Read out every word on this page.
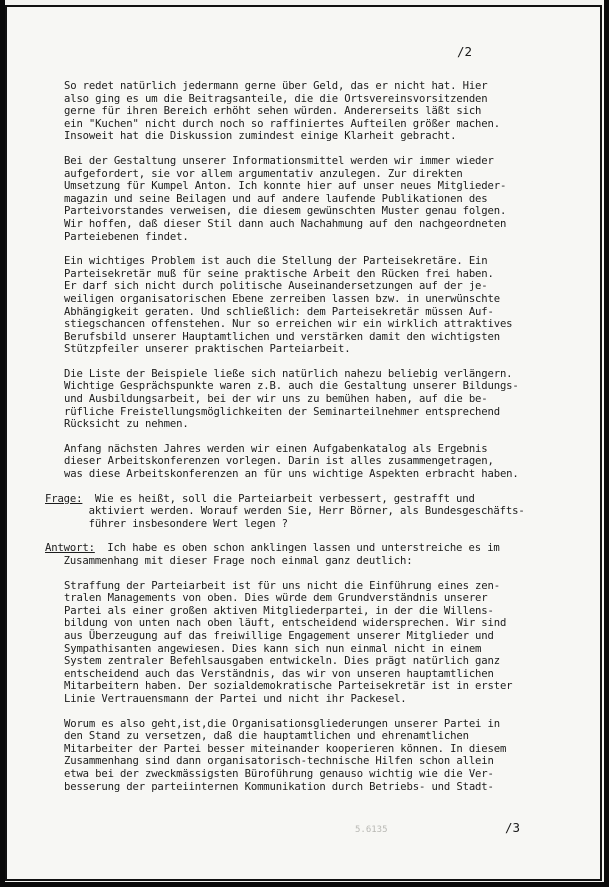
/2

So redet natürlich jedermann gerne über Geld, das er nicht hat. Hier
also ging es um die Beitragsanteile, die die Ortsvereinsvorsitzenden
gerne für ihren Bereich erhöht sehen würden. Andererseits läßt sich
ein "Kuchen" nicht durch noch so raffiniertes Aufteilen größer machen.
Insoweit hat die Diskussion zumindest einige Klarheit gebracht.

Bei der Gestaltung unserer Informationsmittel werden wir immer wieder
aufgefordert, sie vor allem argumentativ anzulegen. Zur direkten
Umsetzung für Kumpel Anton. Ich konnte hier auf unser neues Mitglieder-
magazin und seine Beilagen und auf andere laufende Publikationen des
Parteivorstandes verweisen, die diesem gewünschten Muster genau folgen.
Wir hoffen, daß dieser Stil dann auch Nachahmung auf den nachgeordneten
Parteiebenen findet.

Ein wichtiges Problem ist auch die Stellung der Parteisekretäre. Ein
Parteisekretär muß für seine praktische Arbeit den Rücken frei haben.
Er darf sich nicht durch politische Auseinandersetzungen auf der je-
weiligen organisatorischen Ebene zerreiben lassen bzw. in unerwünschte
Abhängigkeit geraten. Und schließlich: dem Parteisekretär müssen Auf-
stiegschancen offenstehen. Nur so erreichen wir ein wirklich attraktives
Berufsbild unserer Hauptamtlichen und verstärken damit den wichtigsten
Stützpfeiler unserer praktischen Parteiarbeit.

Die Liste der Beispiele ließe sich natürlich nahezu beliebig verlängern.
Wichtige Gesprächspunkte waren z.B. auch die Gestaltung unserer Bildungs-
und Ausbildungsarbeit, bei der wir uns zu bemühen haben, auf die be-
rüfliche Freistellungsmöglichkeiten der Seminarteilnehmer entsprechend
Rücksicht zu nehmen.

Anfang nächsten Jahres werden wir einen Aufgabenkatalog als Ergebnis
dieser Arbeitskonferenzen vorlegen. Darin ist alles zusammengetragen,
was diese Arbeitskonferenzen an für uns wichtige Aspekten erbracht haben.

Frage:  Wie es heißt, soll die Parteiarbeit verbessert, gestrafft und
aktiviert werden. Worauf werden Sie, Herr Börner, als Bundesgeschäfts-
führer insbesondere Wert legen ?

Antwort:  Ich habe es oben schon anklingen lassen und unterstreiche es im
Zusammenhang mit dieser Frage noch einmal ganz deutlich:

Straffung der Parteiarbeit ist für uns nicht die Einführung eines zen-
tralen Managements von oben. Dies würde dem Grundverständnis unserer
Partei als einer großen aktiven Mitgliederpartei, in der die Willens-
bildung von unten nach oben läuft, entscheidend widersprechen. Wir sind
aus Überzeugung auf das freiwillige Engagement unserer Mitglieder und
Sympathisanten angewiesen. Dies kann sich nun einmal nicht in einem
System zentraler Befehlsausgaben entwickeln. Dies prägt natürlich ganz
entscheidend auch das Verständnis, das wir von unseren hauptamtlichen
Mitarbeitern haben. Der sozialdemokratische Parteisekretär ist in erster
Linie Vertrauensmann der Partei und nicht ihr Packesel.

Worum es also geht,ist,die Organisationsgliederungen unserer Partei in
den Stand zu versetzen, daß die hauptamtlichen und ehrenamtlichen
Mitarbeiter der Partei besser miteinander kooperieren können. In diesem
Zusammenhang sind dann organisatorisch-technische Hilfen schon allein
etwa bei der zweckmässigsten Büroführung genauso wichtig wie die Ver-
besserung der parteiinternen Kommunikation durch Betriebs- und Stadt-

/3
5.6135
